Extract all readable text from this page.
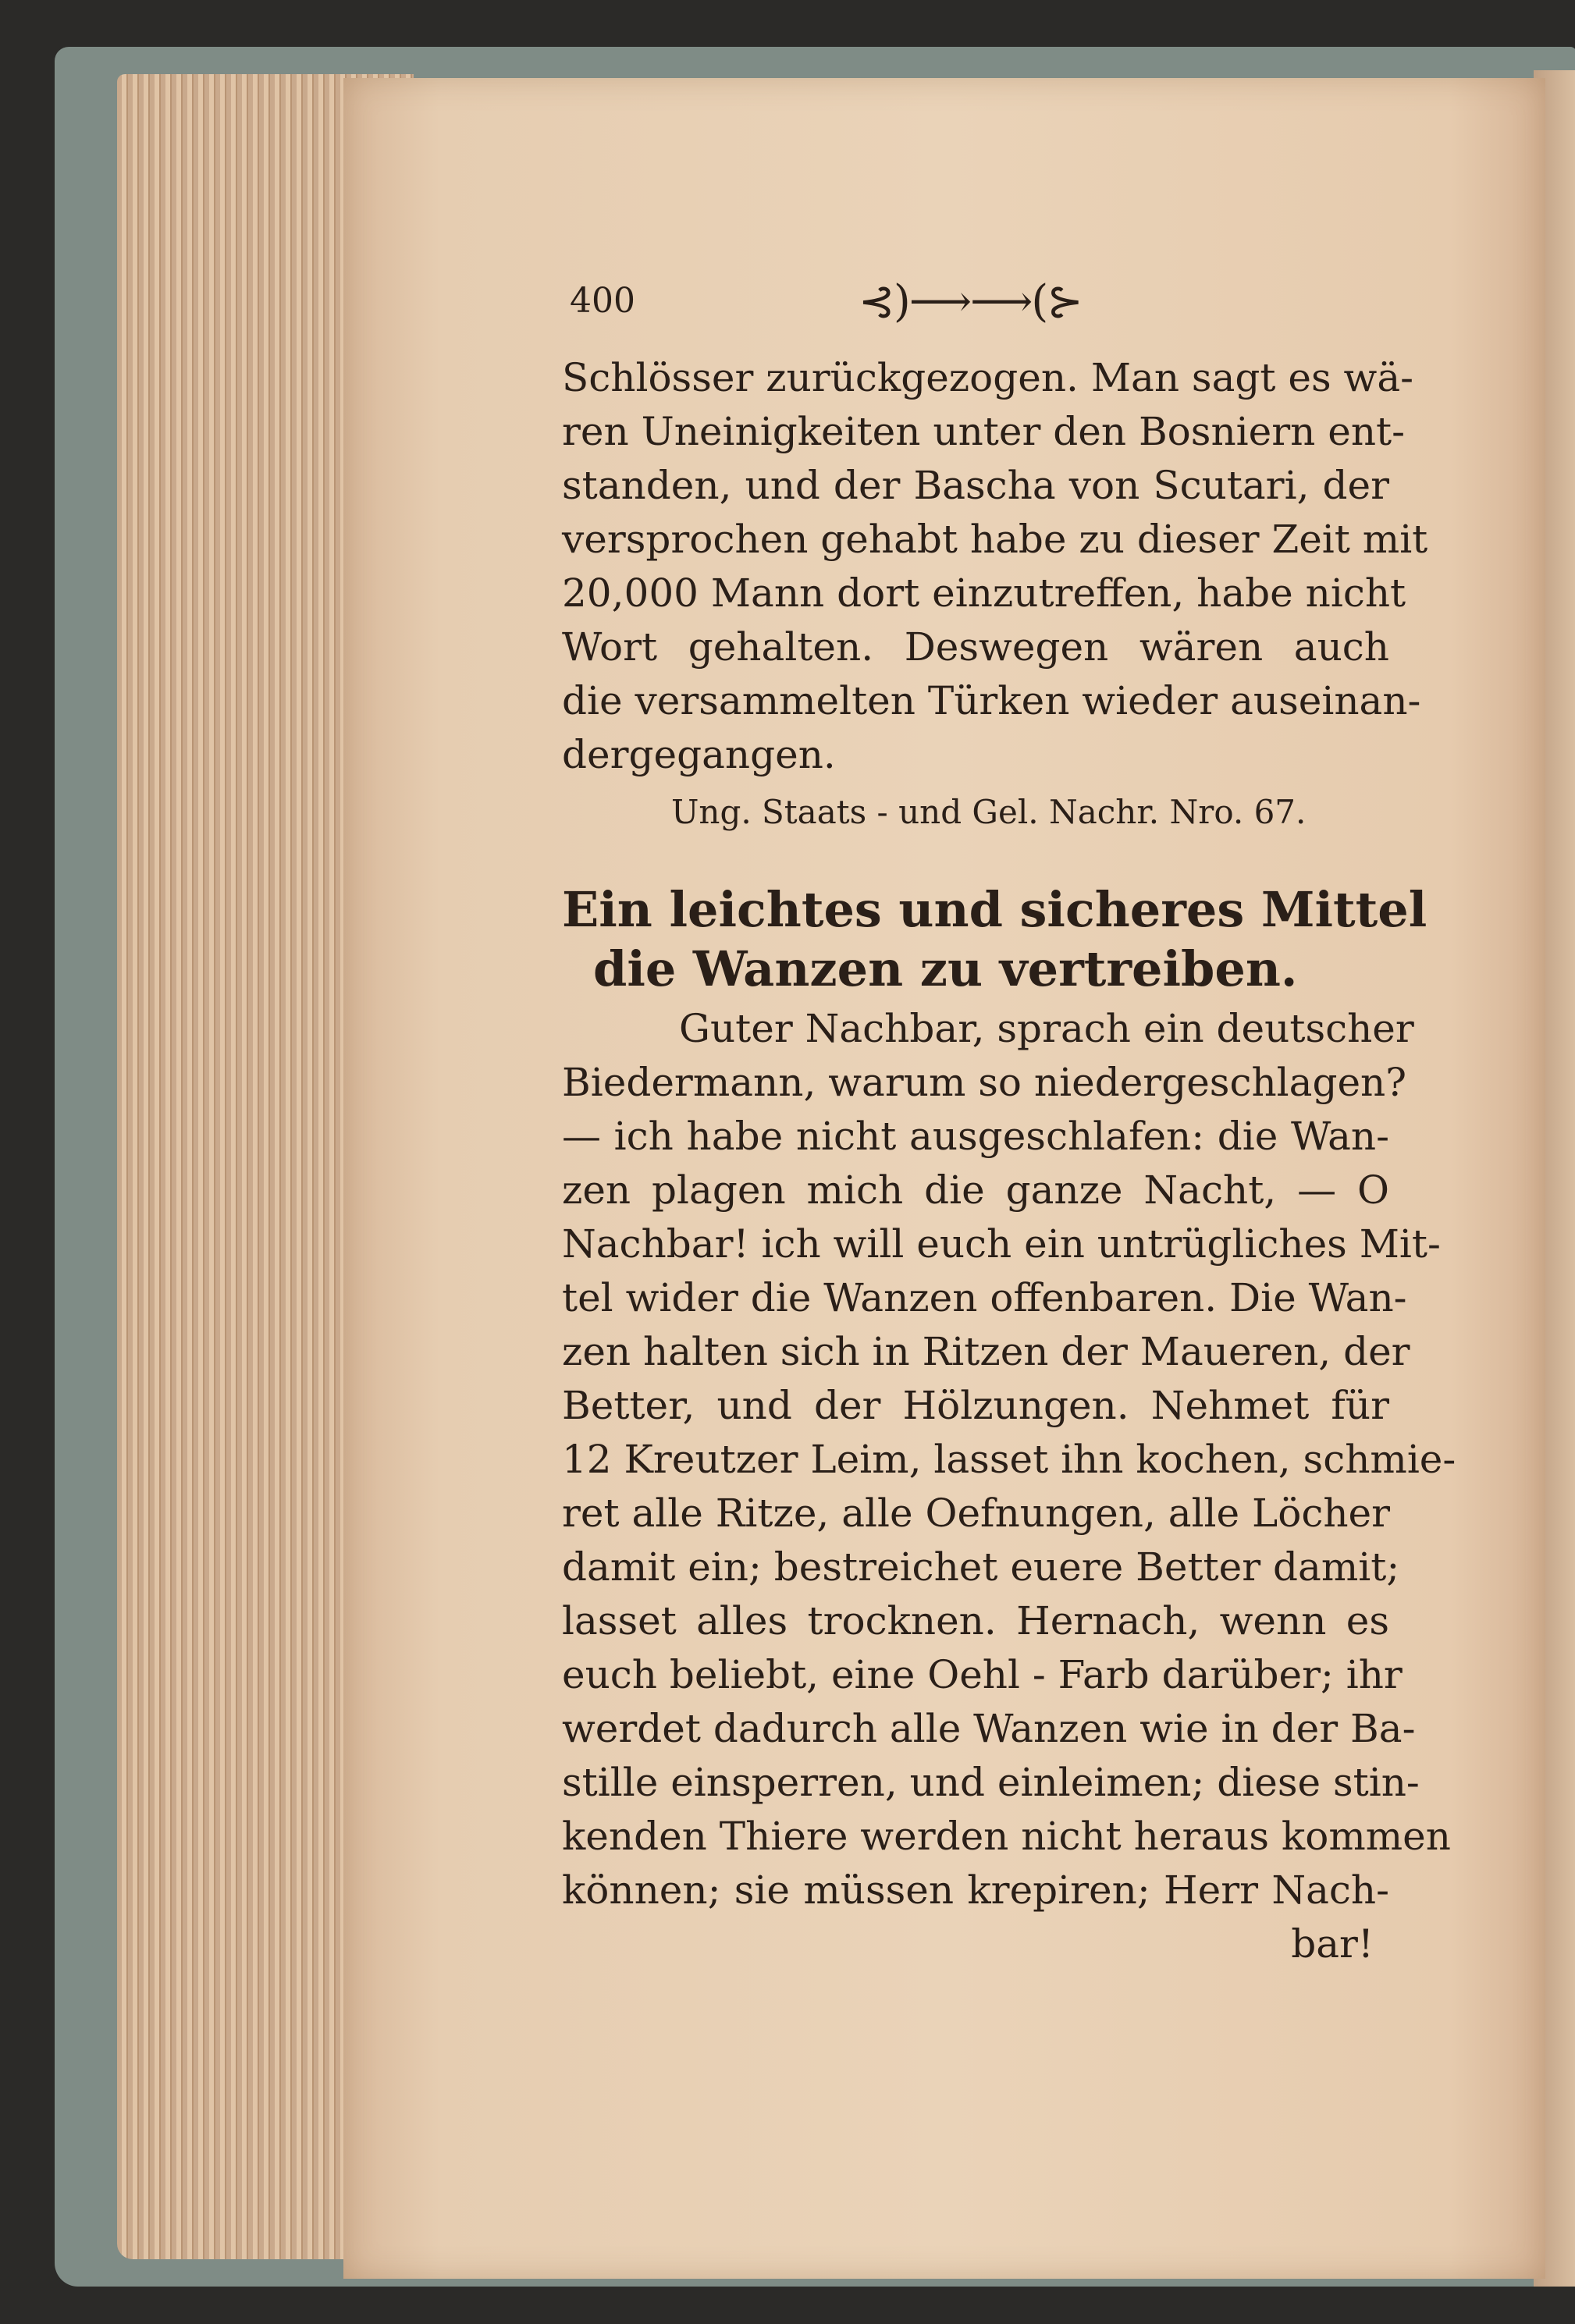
400	⊰)⟶⟶(⊱
Schlösser zurückgezogen. Man sagt es wä-
ren Uneinigkeiten unter den Bosniern ent-
standen, und der Bascha von Scutari, der
versprochen gehabt habe zu dieser Zeit mit
20,000 Mann dort einzutreffen, habe nicht
Wort gehalten. Deswegen wären auch
die versammelten Türken wieder auseinan-
dergegangen.
Ung. Staats - und Gel. Nachr. Nro. 67.
Ein leichtes und sicheres Mittel
die Wanzen zu vertreiben.
Guter Nachbar, sprach ein deutscher
Biedermann, warum so niedergeschlagen?
— ich habe nicht ausgeschlafen: die Wan-
zen plagen mich die ganze Nacht, — O
Nachbar! ich will euch ein untrügliches Mit-
tel wider die Wanzen offenbaren. Die Wan-
zen halten sich in Ritzen der Maueren, der
Better, und der Hölzungen. Nehmet für
12 Kreutzer Leim, lasset ihn kochen, schmie-
ret alle Ritze, alle Oefnungen, alle Löcher
damit ein; bestreichet euere Better damit;
lasset alles trocknen. Hernach, wenn es
euch beliebt, eine Oehl - Farb darüber; ihr
werdet dadurch alle Wanzen wie in der Ba-
stille einsperren, und einleimen; diese stin-
kenden Thiere werden nicht heraus kommen
können; sie müssen krepiren; Herr Nach-
bar!
